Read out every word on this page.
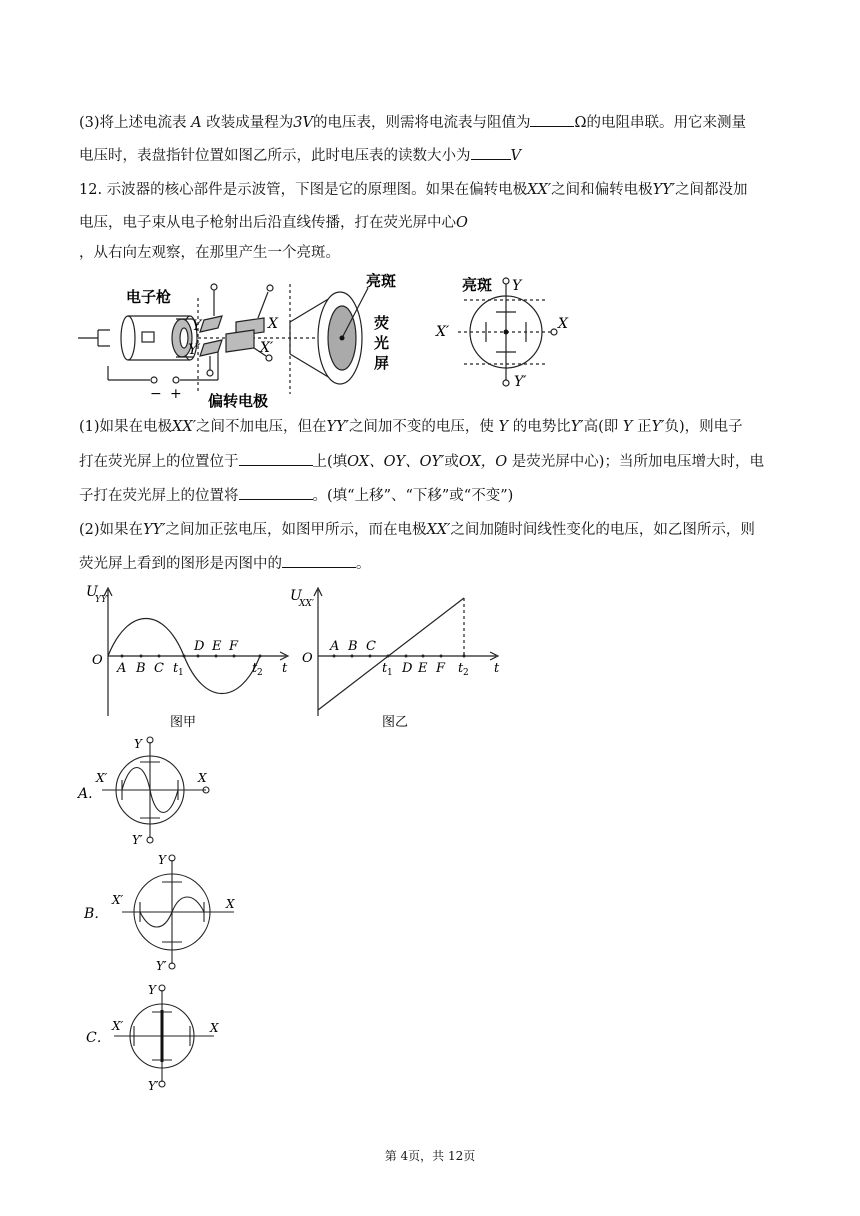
(3)将上述电流表 A 改装成量程为3V的电压表，则需将电流表与阻值为	Ω的电阻串联。用它来测量
电压时，表盘指针位置如图乙所示，此时电压表的读数大小为	V
12. 示波器的核心部件是示波管，下图是它的原理图。如果在偏转电极XX′之间和偏转电极YY′之间都没加
电压，电子束从电子枪射出后沿直线传播，打在荧光屏中心O
，从右向左观察，在那里产生一个亮斑。
电子枪
亮斑
荧
光
屏
偏转电极
− +
Y
Y′
X
X′
亮斑 Y
Y′
X
X′
(1)如果在电极XX′之间不加电压，但在YY′之间加不变的电压，使 Y 的电势比Y′高(即 Y 正Y′负)，则电子
打在荧光屏上的位置位于	上(填OX、OY、OY′或OX，O 是荧光屏中心)；当所加电压增大时，电
子打在荧光屏上的位置将	。(填“上移”、“下移”或“不变”)
(2)如果在YY′之间加正弦电压，如图甲所示，而在电极XX′之间加随时间线性变化的电压，如乙图所示，则
荧光屏上看到的图形是丙图中的	。
U
YY′
O
A B C t 1
D E F
t 2 t
图甲
U
XX′
O
A B C
t 1 D E F t 2 t
图乙
A.
Y
Y′
X
X′
B．
Y
Y′
X
X′
C．
Y
Y′
X
X′
第 4页，共 12页
